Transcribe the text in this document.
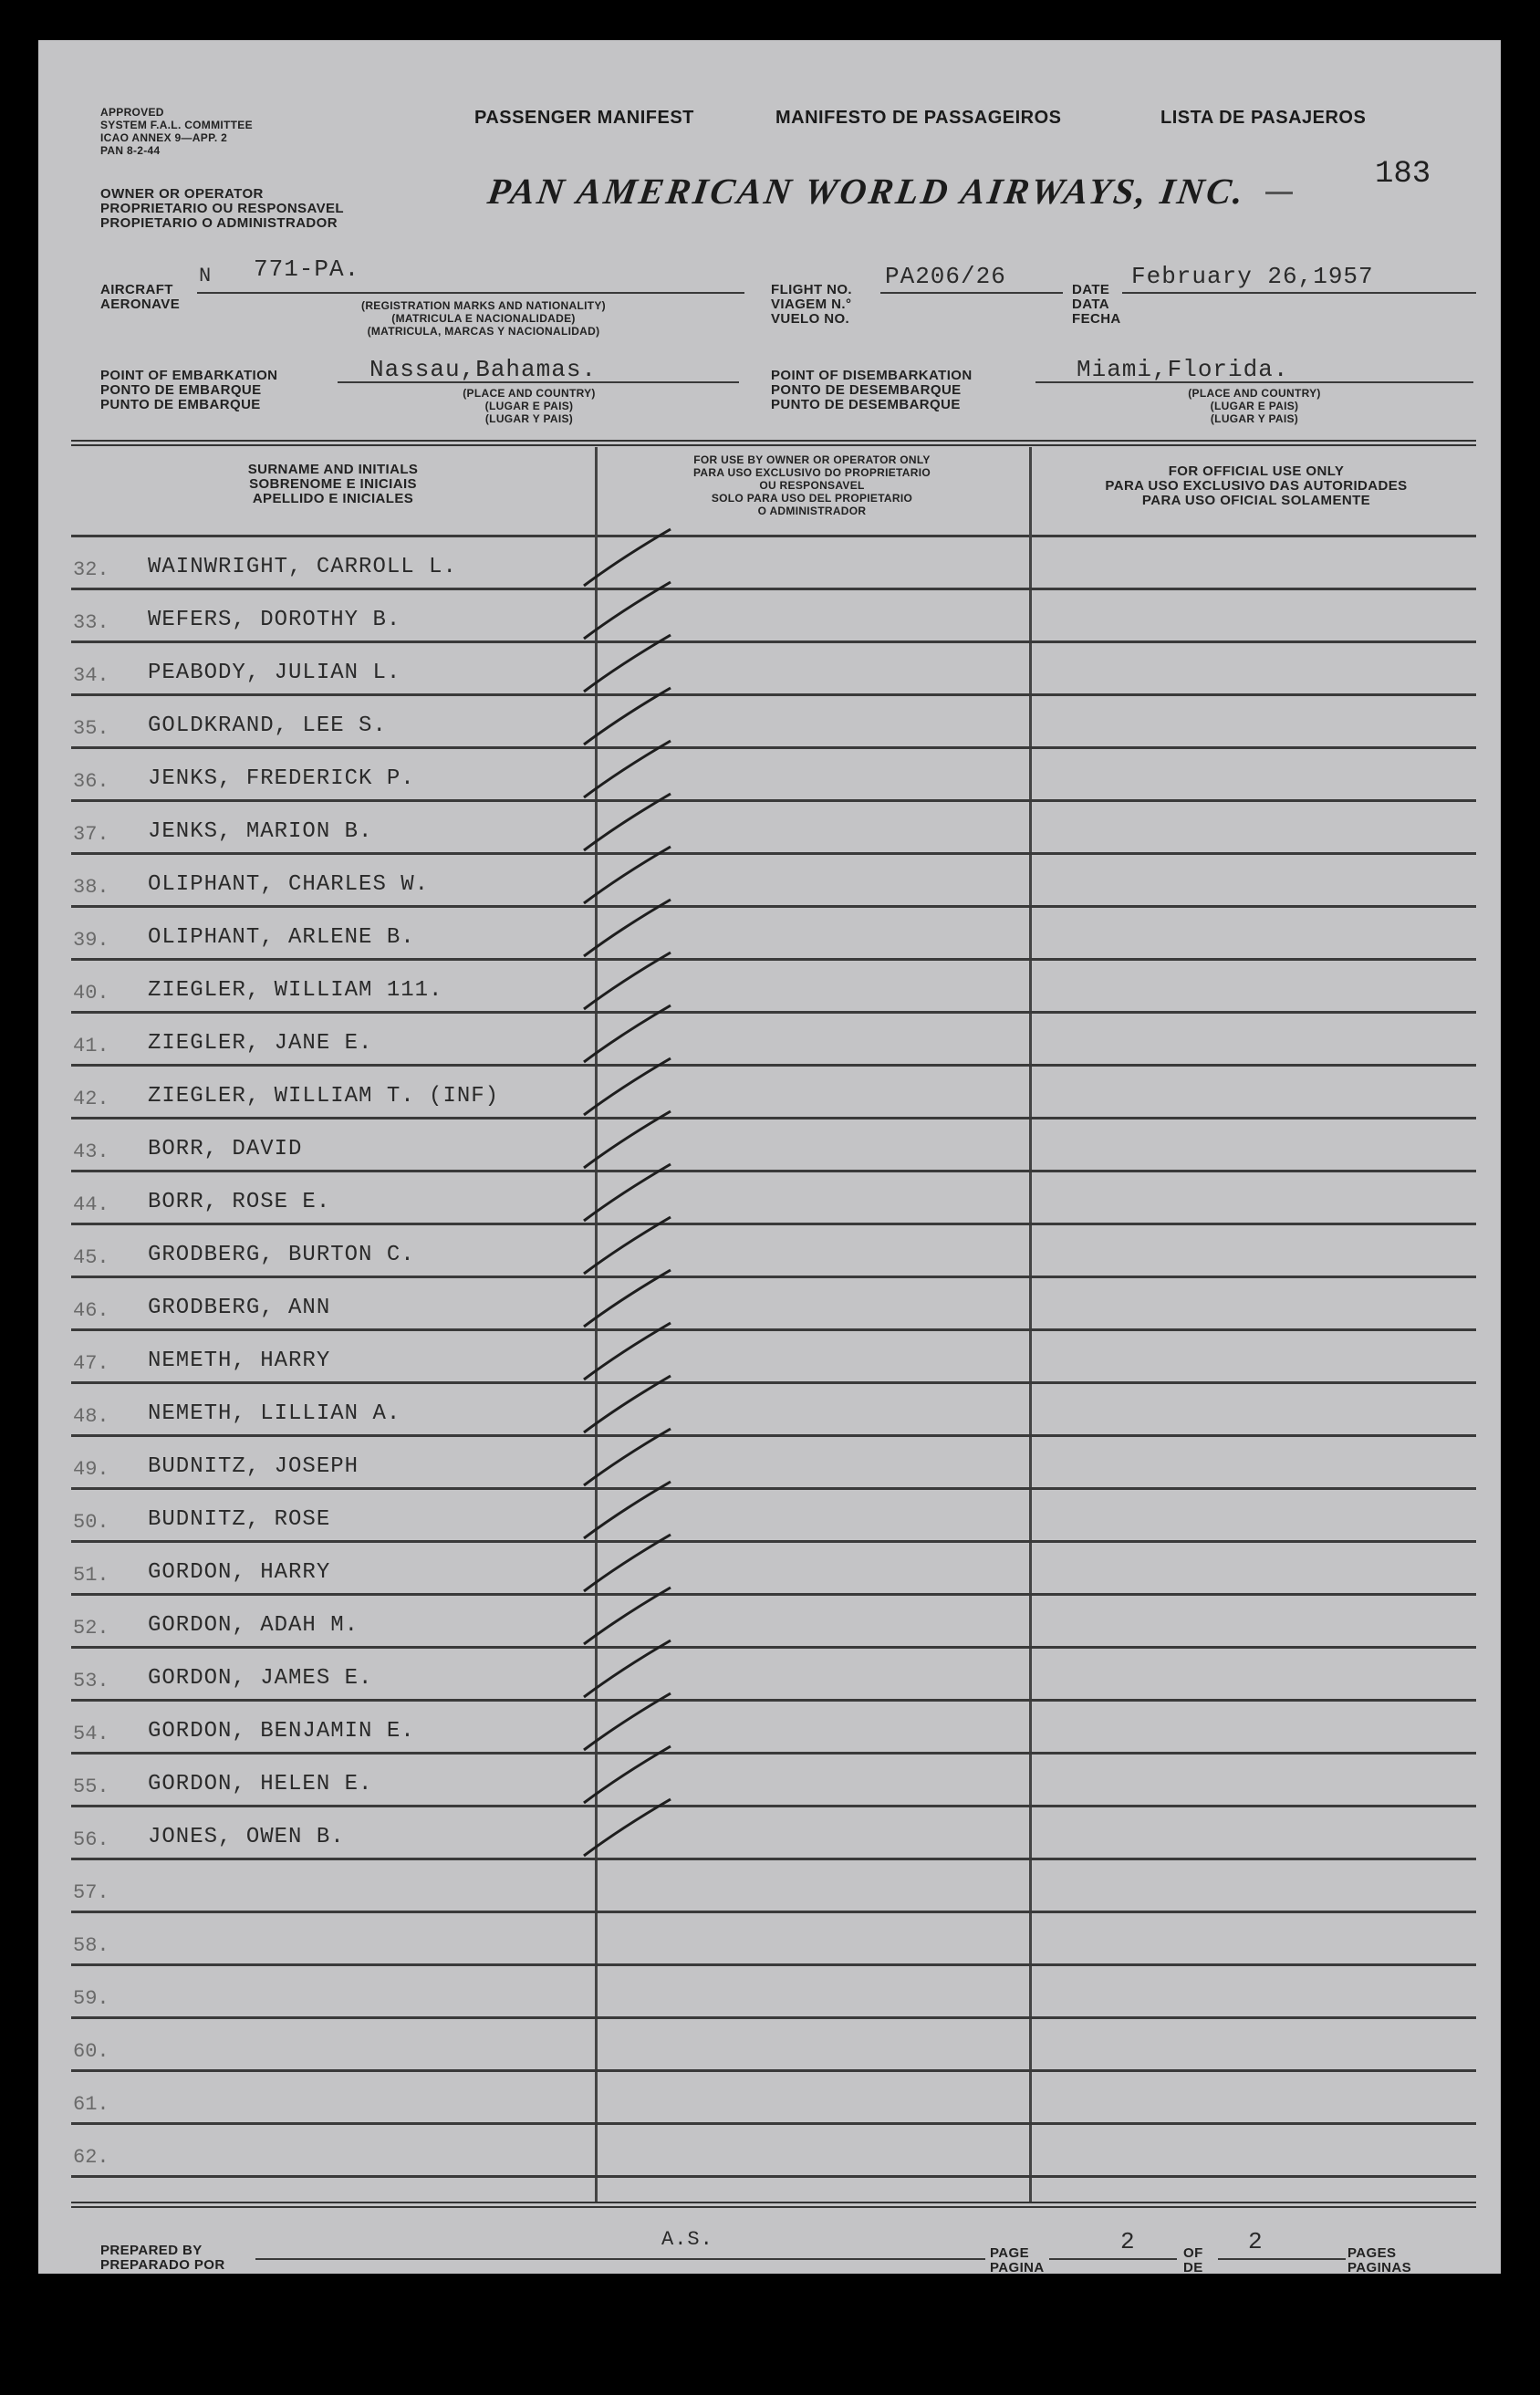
APPROVED
SYSTEM F.A.L. COMMITTEE
ICAO ANNEX 9—APP. 2
PAN 8-2-44
OWNER OR OPERATOR
PROPRIETARIO OU RESPONSAVEL
PROPIETARIO O ADMINISTRADOR
PASSENGER MANIFEST	MANIFESTO DE PASSAGEIROS	LISTA DE PASAJEROS
PAN AMERICAN WORLD AIRWAYS, INC.	183
AIRCRAFT
AERONAVE
N 771-PA.
(REGISTRATION MARKS AND NATIONALITY)
(MATRICULA E NACIONALIDADE)
(MATRICULA, MARCAS Y NACIONALIDAD)
FLIGHT NO.
VIAGEM N.°
VUELO NO.
PA206/26	DATE
DATA
FECHA
February 26,1957
POINT OF EMBARKATION
PONTO DE EMBARQUE
PUNTO DE EMBARQUE
Nassau,Bahamas.
(PLACE AND COUNTRY)
(LUGAR E PAIS)
(LUGAR Y PAIS)
POINT OF DISEMBARKATION
PONTO DE DESEMBARQUE
PUNTO DE DESEMBARQUE
Miami,Florida.
(PLACE AND COUNTRY)
(LUGAR E PAIS)
(LUGAR Y PAIS)
SURNAME AND INITIALS
SOBRENOME E INICIAIS
APELLIDO E INICIALES
FOR USE BY OWNER OR OPERATOR ONLY
PARA USO EXCLUSIVO DO PROPRIETARIO
OU RESPONSAVEL
SOLO PARA USO DEL PROPIETARIO
O ADMINISTRADOR
FOR OFFICIAL USE ONLY
PARA USO EXCLUSIVO DAS AUTORIDADES
PARA USO OFICIAL SOLAMENTE
32. WAINWRIGHT, CARROLL L.
33. WEFERS, DOROTHY B.
34. PEABODY, JULIAN L.
35. GOLDKRAND, LEE S.
36. JENKS, FREDERICK P.
37. JENKS, MARION B.
38. OLIPHANT, CHARLES W.
39. OLIPHANT, ARLENE B.
40. ZIEGLER, WILLIAM 111.
41. ZIEGLER, JANE E.
42. ZIEGLER, WILLIAM T. (INF)
43. BORR, DAVID
44. BORR, ROSE E.
45. GRODBERG, BURTON C.
46. GRODBERG, ANN
47. NEMETH, HARRY
48. NEMETH, LILLIAN A.
49. BUDNITZ, JOSEPH
50. BUDNITZ, ROSE
51. GORDON, HARRY
52. GORDON, ADAH M.
53. GORDON, JAMES E.
54. GORDON, BENJAMIN E.
55. GORDON, HELEN E.
56. JONES, OWEN B.
57.
58.
59.
60.
61.
62.
PREPARED BY
PREPARADO POR
A.S.
PAGE
PAGINA
2	OF
DE
2	PAGES
PAGINAS
